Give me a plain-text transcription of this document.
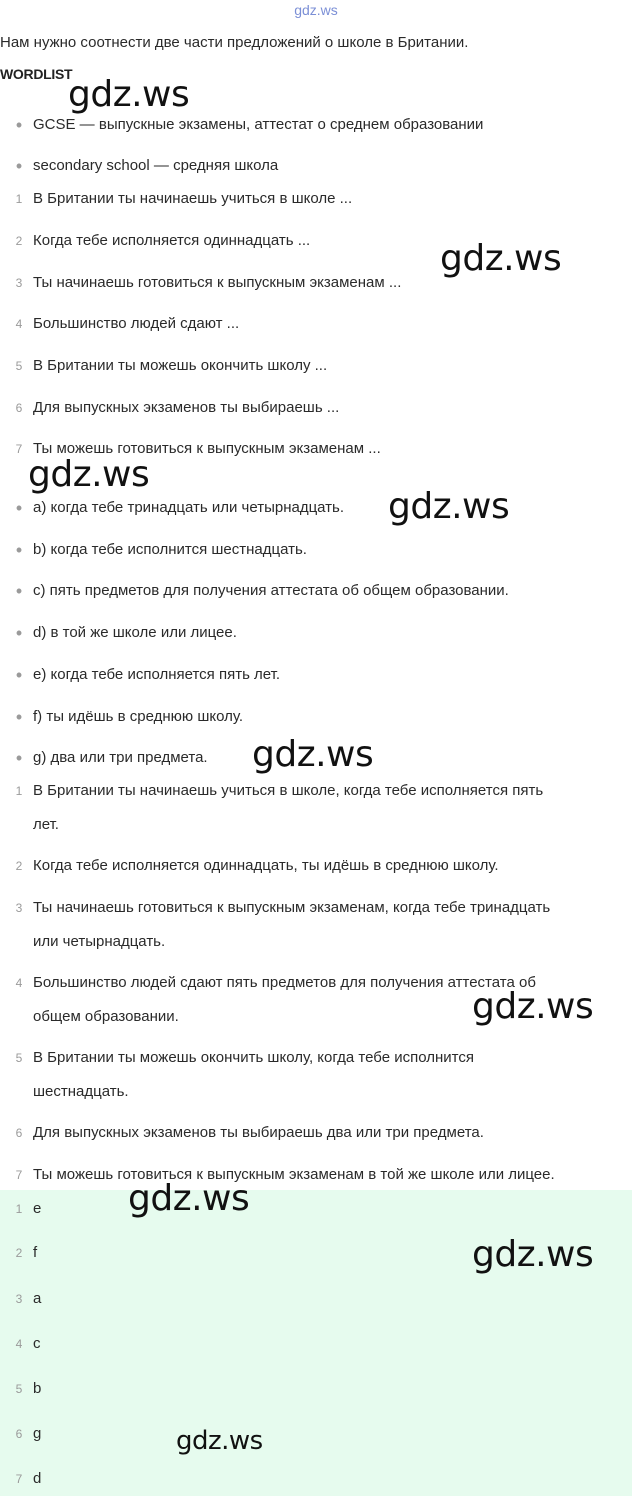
gdz.ws
Нам нужно соотнести две части предложений о школе в Британии.
WORDLIST
• GCSE — выпускные экзамены, аттестат о среднем образовании
• secondary school — средняя школа
1 В Британии ты начинаешь учиться в школе ...
2 Когда тебе исполняется одиннадцать ...
3 Ты начинаешь готовиться к выпускным экзаменам ...
4 Большинство людей сдают ...
5 В Британии ты можешь окончить школу ...
6 Для выпускных экзаменов ты выбираешь ...
7 Ты можешь готовиться к выпускным экзаменам ...
• a) когда тебе тринадцать или четырнадцать.
• b) когда тебе исполнится шестнадцать.
• c) пять предметов для получения аттестата об общем образовании.
• d) в той же школе или лицее.
• e) когда тебе исполняется пять лет.
• f) ты идёшь в среднюю школу.
• g) два или три предмета.
1 В Британии ты начинаешь учиться в школе, когда тебе исполняется пять
лет.
2 Когда тебе исполняется одиннадцать, ты идёшь в среднюю школу.
3 Ты начинаешь готовиться к выпускным экзаменам, когда тебе тринадцать
или четырнадцать.
4 Большинство людей сдают пять предметов для получения аттестата об
общем образовании.
5 В Британии ты можешь окончить школу, когда тебе исполнится
шестнадцать.
6 Для выпускных экзаменов ты выбираешь два или три предмета.
7 Ты можешь готовиться к выпускным экзаменам в той же школе или лицее.
1 e
2 f
3 a
4 c
5 b
6 g
7 d
gdz.ws
gdz.ws
gdz.ws
gdz.ws
gdz.ws
gdz.ws
gdz.ws
gdz.ws
gdz.ws
